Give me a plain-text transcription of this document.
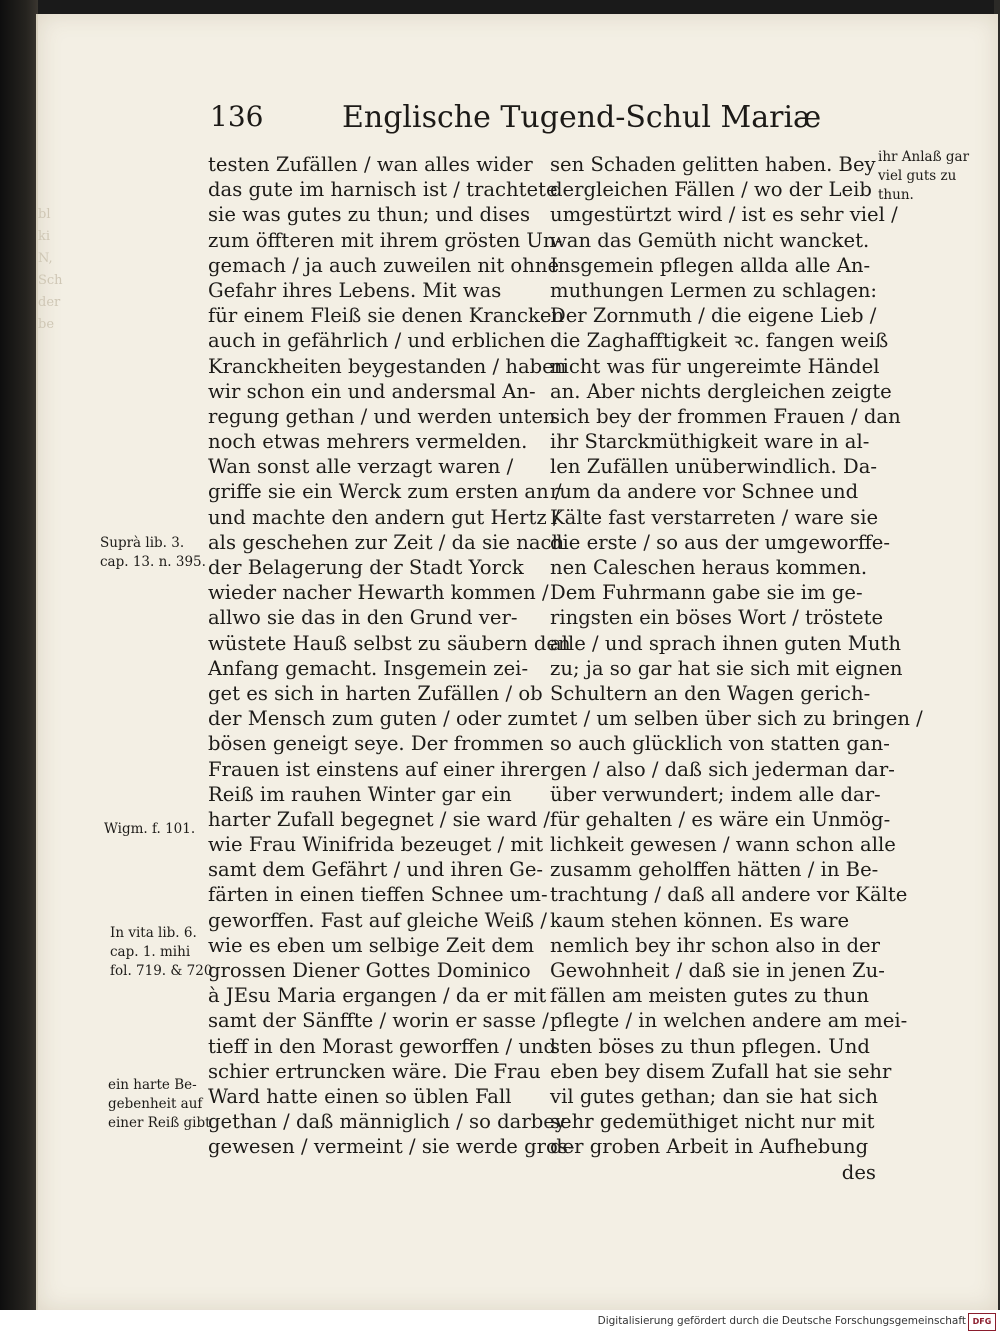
bl
ki
N,
Sch
der
be
136	Englische Tugend-Schul Mariæ
testen Zufällen / wan alles wider
das gute im harnisch ist / trachtete
sie was gutes zu thun; und dises
zum öffteren mit ihrem grösten Un-
gemach / ja auch zuweilen nit ohne
Gefahr ihres Lebens. Mit was
für einem Fleiß sie denen Krancken
auch in gefährlich / und erblichen
Kranckheiten beygestanden / haben
wir schon ein und andersmal An-
regung gethan / und werden unten
noch etwas mehrers vermelden.
Wan sonst alle verzagt waren /
griffe sie ein Werck zum ersten an /
und machte den andern gut Hertz /
als geschehen zur Zeit / da sie nach
der Belagerung der Stadt Yorck
wieder nacher Hewarth kommen /
allwo sie das in den Grund ver-
wüstete Hauß selbst zu säubern den
Anfang gemacht. Insgemein zei-
get es sich in harten Zufällen / ob
der Mensch zum guten / oder zum
bösen geneigt seye. Der frommen
Frauen ist einstens auf einer ihrer
Reiß im rauhen Winter gar ein
harter Zufall begegnet / sie ward /
wie Frau Winifrida bezeuget / mit
samt dem Gefährt / und ihren Ge-
färten in einen tieffen Schnee um-
geworffen. Fast auf gleiche Weiß /
wie es eben um selbige Zeit dem
grossen Diener Gottes Dominico
à JEsu Maria ergangen / da er mit
samt der Sänffte / worin er sasse /
tieff in den Morast geworffen / und
schier ertruncken wäre. Die Frau
Ward hatte einen so üblen Fall
gethan / daß männiglich / so darbey
gewesen / vermeint / sie werde gros-
sen Schaden gelitten haben. Bey
dergleichen Fällen / wo der Leib
umgestürtzt wird / ist es sehr viel /
wan das Gemüth nicht wancket.
Insgemein pflegen allda alle An-
muthungen Lermen zu schlagen:
Der Zornmuth / die eigene Lieb /
die Zaghafftigkeit ꝛc. fangen weiß
nicht was für ungereimte Händel
an. Aber nichts dergleichen zeigte
sich bey der frommen Frauen / dan
ihr Starckmüthigkeit ware in al-
len Zufällen unüberwindlich. Da-
rum da andere vor Schnee und
Kälte fast verstarreten / ware sie
die erste / so aus der umgeworffe-
nen Caleschen heraus kommen.
Dem Fuhrmann gabe sie im ge-
ringsten ein böses Wort / tröstete
alle / und sprach ihnen guten Muth
zu; ja so gar hat sie sich mit eignen
Schultern an den Wagen gerich-
tet / um selben über sich zu bringen /
so auch glücklich von statten gan-
gen / also / daß sich jederman dar-
über verwundert; indem alle dar-
für gehalten / es wäre ein Unmög-
lichkeit gewesen / wann schon alle
zusamm geholffen hätten / in Be-
trachtung / daß all andere vor Kälte
kaum stehen können. Es ware
nemlich bey ihr schon also in der
Gewohnheit / daß sie in jenen Zu-
fällen am meisten gutes zu thun
pflegte / in welchen andere am mei-
sten böses zu thun pflegen. Und
eben bey disem Zufall hat sie sehr
vil gutes gethan; dan sie hat sich
sehr gedemüthiget nicht nur mit
der groben Arbeit in Aufhebung
des
ihr Anlaß gar
viel guts zu
thun.
Suprà lib. 3.
cap. 13. n. 395.
Wigm. f. 101.
In vita lib. 6.
cap. 1. mihi
fol. 719. & 720
ein harte Be-
gebenheit auf
einer Reiß gibt
Digitalisierung gefördert durch die Deutsche Forschungsgemeinschaft DFG
